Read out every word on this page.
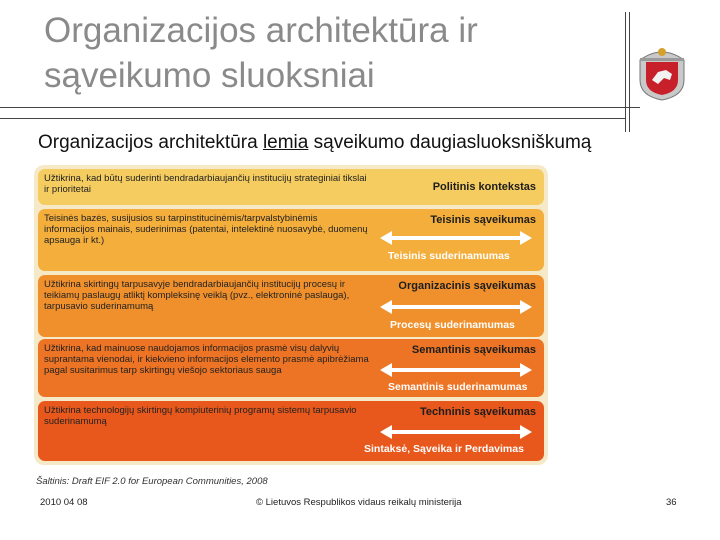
Organizacijos architektūra ir
sąveikumo sluoksniai
Organizacijos architektūra lemia sąveikumo daugiasluoksniškumą
Užtikrina, kad būtų suderinti bendradarbiaujančių institucijų strateginiai tikslai ir prioritetai	Politinis kontekstas
Teisinės bazės, susijusios su tarpinstitucinėmis/tarpvalstybinėmis informacijos mainais, suderinimas (patentai, intelektinė nuosavybė, duomenų apsauga ir kt.)
Teisinis sąveikumas
Teisinis suderinamumas
Užtikrina skirtingų tarpusavyje bendradarbiaujančių institucijų procesų ir teikiamų paslaugų atliktį kompleksinę veiklą (pvz., elektroninė paslauga), tarpusavio suderinamumą
Organizacinis sąveikumas
Procesų suderinamumas
Užtikrina, kad mainuose naudojamos informacijos prasmė visų dalyvių suprantama vienodai, ir kiekvieno informacijos elemento prasmė apibrėžiama pagal susitarimus tarp skirtingų viešojo sektoriaus sauga
Semantinis sąveikumas
Semantinis suderinamumas
Užtikrina technologijų skirtingų kompiuterinių programų sistemų tarpusavio suderinamumą
Techninis sąveikumas
Sintaksė, Sąveika ir Perdavimas
Šaltinis: Draft EIF 2.0 for European Communities, 2008
2010 04 08	© Lietuvos Respublikos vidaus reikalų ministerija	36
